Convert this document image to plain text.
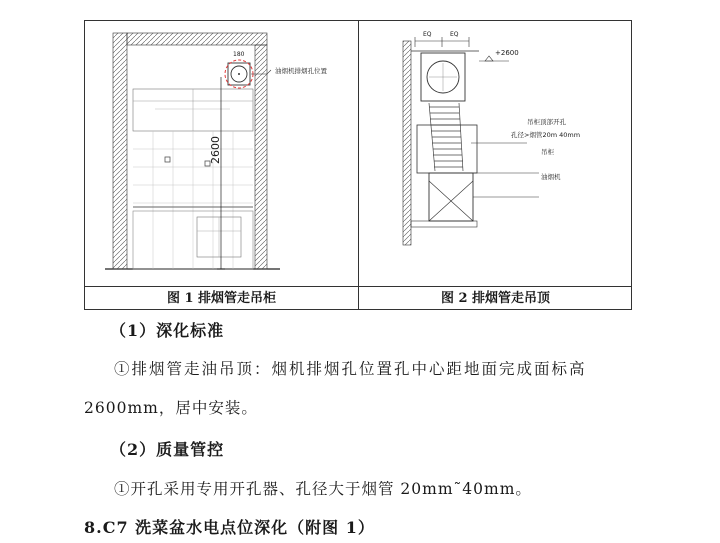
180
油烟机排烟孔位置
2600
EQ	EQ
+2600
吊柜顶部开孔
孔径>烟管20m 40mm
吊柜
油烟机
图 1 排烟管走吊柜	图 2 排烟管走吊顶
（1）深化标准
①排烟管走油吊顶：烟机排烟孔位置孔中心距地面完成面标高
2600mm，居中安装。
（2）质量管控
①开孔采用专用开孔器、孔径大于烟管 20mm˜40mm。
8.C7 洗菜盆水电点位深化（附图 1）
